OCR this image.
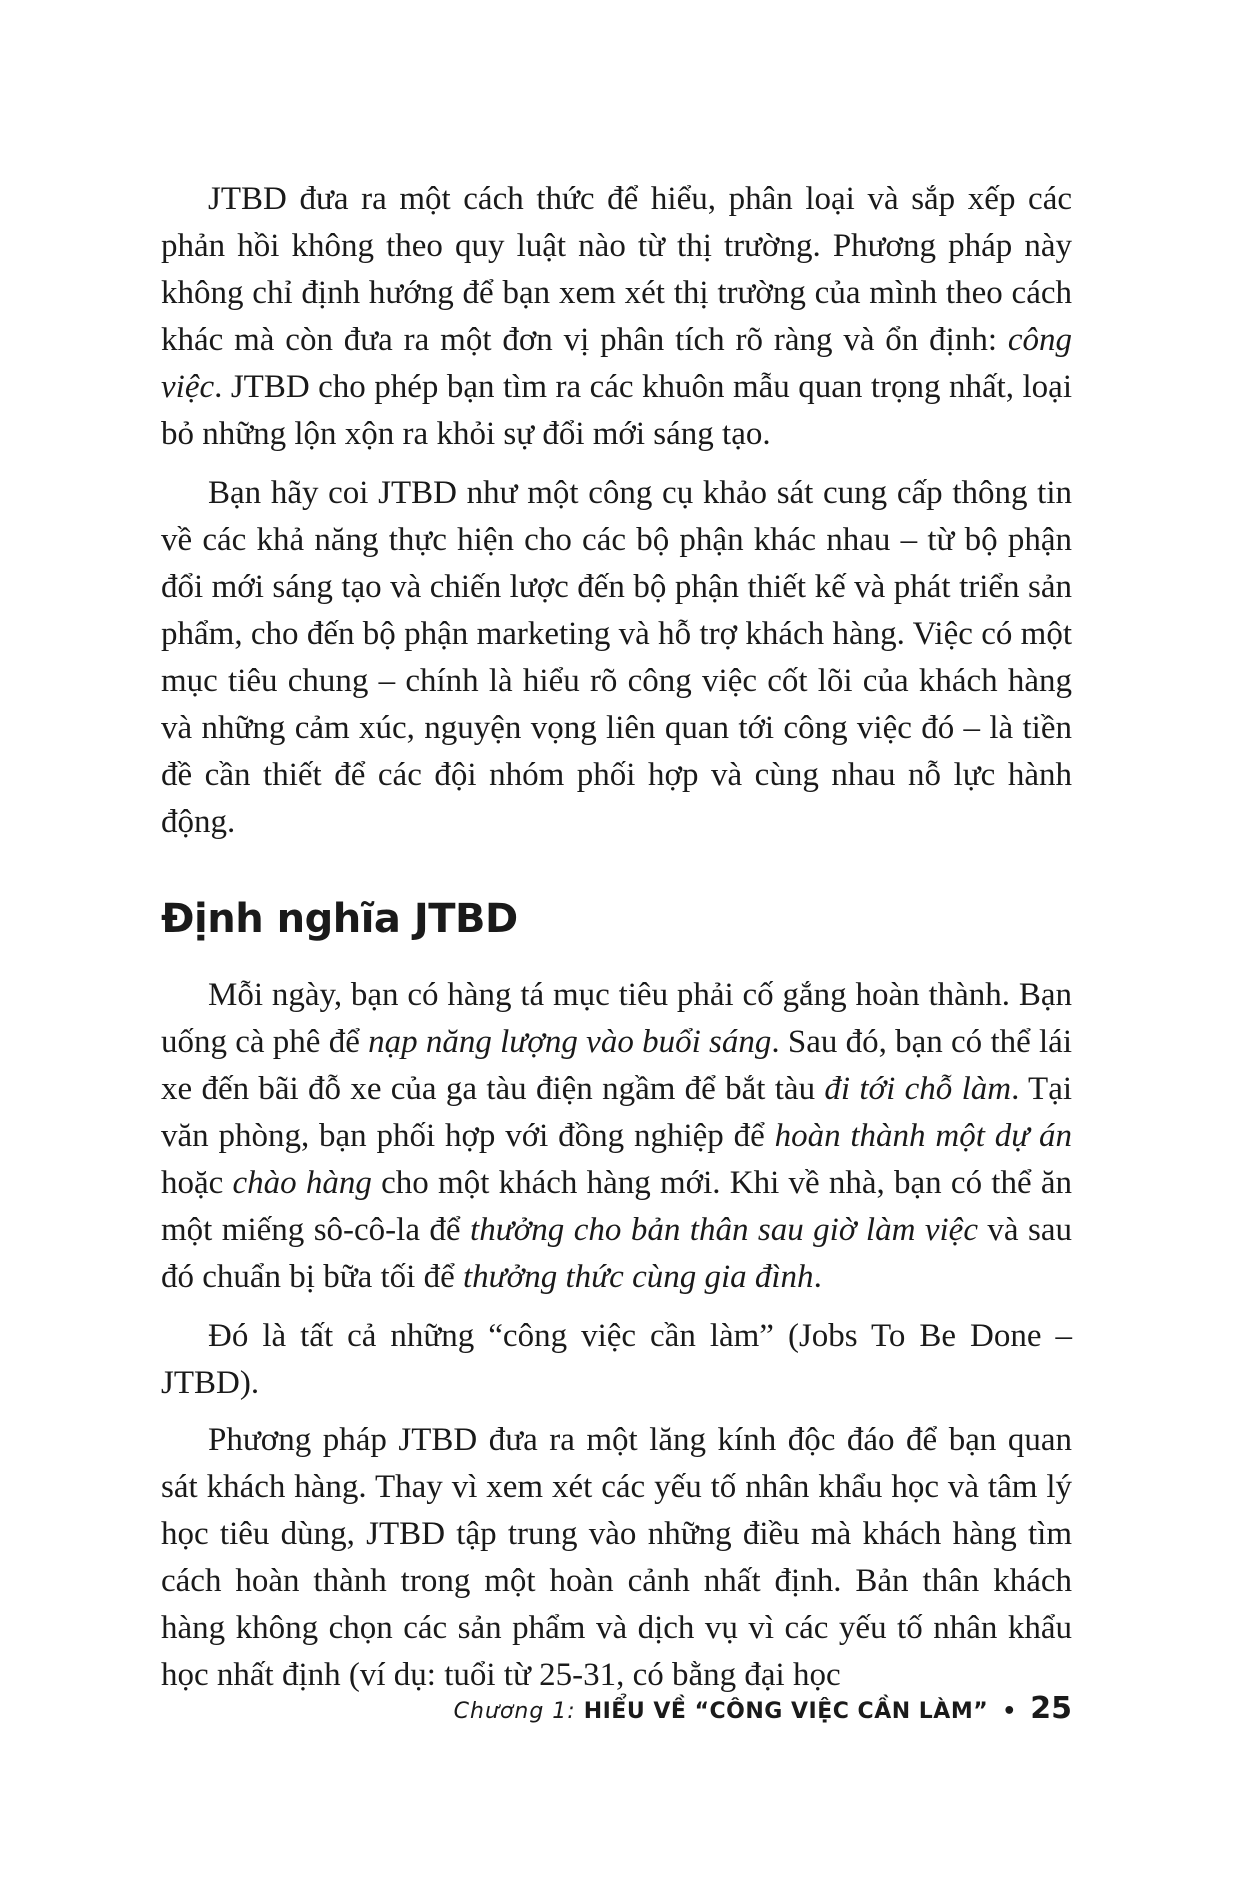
JTBD đưa ra một cách thức để hiểu, phân loại và sắp xếp các phản hồi không theo quy luật nào từ thị trường. Phương pháp này không chỉ định hướng để bạn xem xét thị trường của mình theo cách khác mà còn đưa ra một đơn vị phân tích rõ ràng và ổn định: công việc. JTBD cho phép bạn tìm ra các khuôn mẫu quan trọng nhất, loại bỏ những lộn xộn ra khỏi sự đổi mới sáng tạo.

Bạn hãy coi JTBD như một công cụ khảo sát cung cấp thông tin về các khả năng thực hiện cho các bộ phận khác nhau – từ bộ phận đổi mới sáng tạo và chiến lược đến bộ phận thiết kế và phát triển sản phẩm, cho đến bộ phận marketing và hỗ trợ khách hàng. Việc có một mục tiêu chung – chính là hiểu rõ công việc cốt lõi của khách hàng và những cảm xúc, nguyện vọng liên quan tới công việc đó – là tiền đề cần thiết để các đội nhóm phối hợp và cùng nhau nỗ lực hành động.

Định nghĩa JTBD

Mỗi ngày, bạn có hàng tá mục tiêu phải cố gắng hoàn thành. Bạn uống cà phê để nạp năng lượng vào buổi sáng. Sau đó, bạn có thể lái xe đến bãi đỗ xe của ga tàu điện ngầm để bắt tàu đi tới chỗ làm. Tại văn phòng, bạn phối hợp với đồng nghiệp để hoàn thành một dự án hoặc chào hàng cho một khách hàng mới. Khi về nhà, bạn có thể ăn một miếng sô-cô-la để thưởng cho bản thân sau giờ làm việc và sau đó chuẩn bị bữa tối để thưởng thức cùng gia đình.

Đó là tất cả những “công việc cần làm” (Jobs To Be Done – JTBD).

Phương pháp JTBD đưa ra một lăng kính độc đáo để bạn quan sát khách hàng. Thay vì xem xét các yếu tố nhân khẩu học và tâm lý học tiêu dùng, JTBD tập trung vào những điều mà khách hàng tìm cách hoàn thành trong một hoàn cảnh nhất định. Bản thân khách hàng không chọn các sản phẩm và dịch vụ vì các yếu tố nhân khẩu học nhất định (ví dụ: tuổi từ 25-31, có bằng đại học

Chương 1: HIỂU VỀ “CÔNG VIỆC CẦN LÀM” • 25
